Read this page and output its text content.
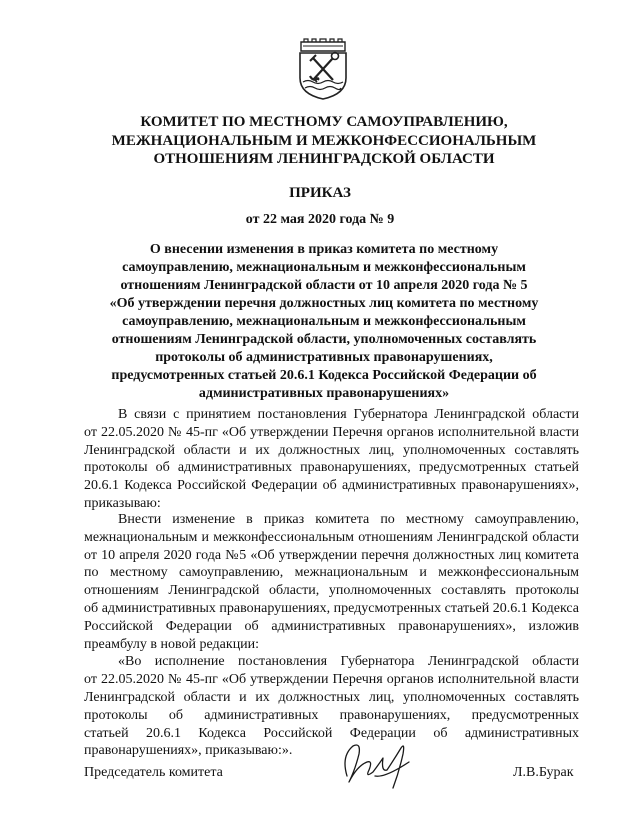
КОМИТЕТ ПО МЕСТНОМУ САМОУПРАВЛЕНИЮ,
МЕЖНАЦИОНАЛЬНЫМ И МЕЖКОНФЕССИОНАЛЬНЫМ
ОТНОШЕНИЯМ ЛЕНИНГРАДСКОЙ ОБЛАСТИ
ПРИКАЗ
от 22 мая 2020 года № 9
О внесении изменения в приказ комитета по местному
самоуправлению, межнациональным и межконфессиональным
отношениям Ленинградской области от 10 апреля 2020 года № 5
«Об утверждении перечня должностных лиц комитета по местному
самоуправлению, межнациональным и межконфессиональным
отношениям Ленинградской области, уполномоченных составлять
протоколы об административных правонарушениях,
предусмотренных статьей 20.6.1 Кодекса Российской Федерации об
административных правонарушениях»
В связи с принятием постановления Губернатора Ленинградской области
от 22.05.2020 № 45-пг «Об утверждении Перечня органов исполнительной власти
Ленинградской области и их должностных лиц, уполномоченных составлять
протоколы об административных правонарушениях, предусмотренных статьей
20.6.1 Кодекса Российской Федерации об административных правонарушениях»,
приказываю:
Внести изменение в приказ комитета по местному самоуправлению,
межнациональным и межконфессиональным отношениям Ленинградской области
от 10 апреля 2020 года №5 «Об утверждении перечня должностных лиц комитета
по местному самоуправлению, межнациональным и межконфессиональным
отношениям Ленинградской области, уполномоченных составлять протоколы
об административных правонарушениях, предусмотренных статьей 20.6.1 Кодекса
Российской Федерации об административных правонарушениях», изложив
преамбулу в новой редакции:
«Во исполнение постановления Губернатора Ленинградской области
от 22.05.2020 № 45-пг «Об утверждении Перечня органов исполнительной власти
Ленинградской области и их должностных лиц, уполномоченных составлять
протоколы об административных правонарушениях, предусмотренных
статьей 20.6.1 Кодекса Российской Федерации об административных
правонарушениях», приказываю:».
Председатель комитета	Л.В.Бурак
